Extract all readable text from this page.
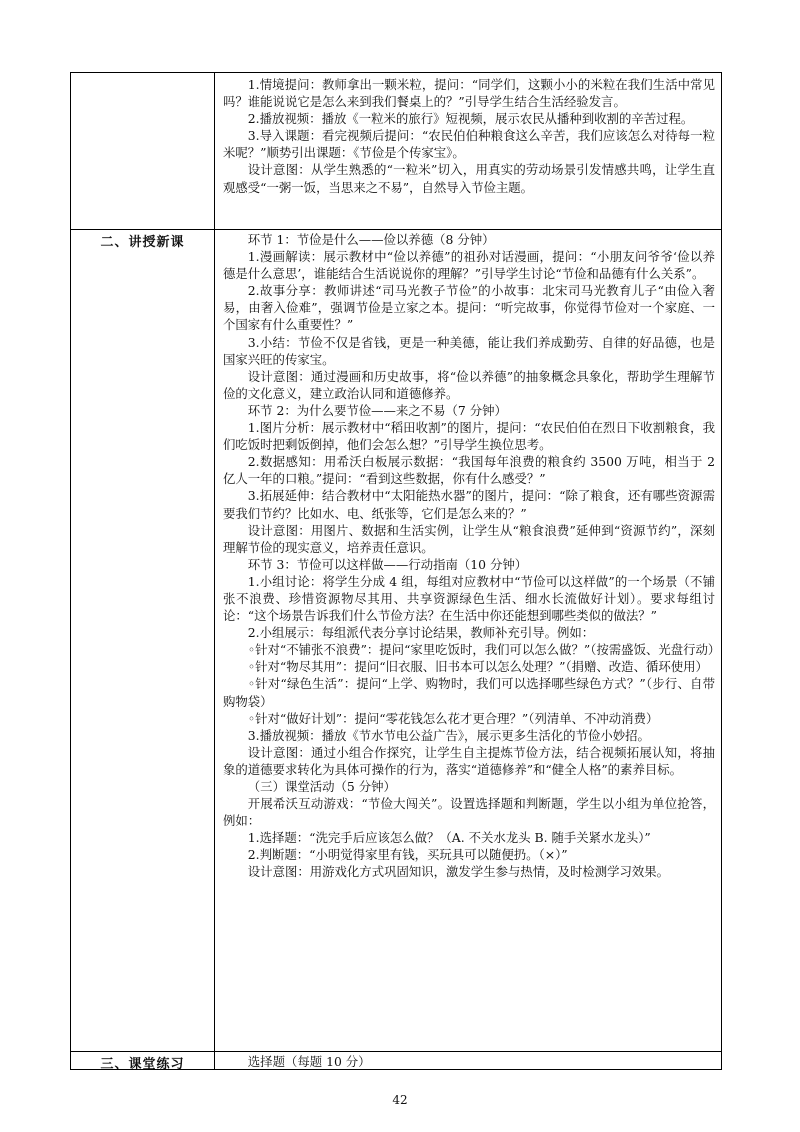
二、讲授新课
三、课堂练习

1.情境提问：教师拿出一颗米粒，提问：“同学们，这颗小小的米粒在我们生活中常见吗？谁能说说它是怎么来到我们餐桌上的？”引导学生结合生活经验发言。

2.播放视频：播放《一粒米的旅行》短视频，展示农民从播种到收割的辛苦过程。

3.导入课题：看完视频后提问：“农民伯伯种粮食这么辛苦，我们应该怎么对待每一粒米呢？”顺势引出课题：《节俭是个传家宝》。

设计意图：从学生熟悉的“一粒米”切入，用真实的劳动场景引发情感共鸣，让学生直观感受“一粥一饭，当思来之不易”，自然导入节俭主题。

环节 1：节俭是什么——俭以养德（8 分钟）

1.漫画解读：展示教材中“俭以养德”的祖孙对话漫画，提问：“小朋友问爷爷‘俭以养德是什么意思’，谁能结合生活说说你的理解？”引导学生讨论“节俭和品德有什么关系”。

2.故事分享：教师讲述“司马光教子节俭”的小故事：北宋司马光教育儿子“由俭入奢易，由奢入俭难”，强调节俭是立家之本。提问：“听完故事，你觉得节俭对一个家庭、一个国家有什么重要性？”

3.小结：节俭不仅是省钱，更是一种美德，能让我们养成勤劳、自律的好品德，也是国家兴旺的传家宝。

设计意图：通过漫画和历史故事，将“俭以养德”的抽象概念具象化，帮助学生理解节俭的文化意义，建立政治认同和道德修养。

环节 2：为什么要节俭——来之不易（7 分钟）

1.图片分析：展示教材中“稻田收割”的图片，提问：“农民伯伯在烈日下收割粮食，我们吃饭时把剩饭倒掉，他们会怎么想？”引导学生换位思考。

2.数据感知：用希沃白板展示数据：“我国每年浪费的粮食约 3500 万吨，相当于 2 亿人一年的口粮。”提问：“看到这些数据，你有什么感受？”

3.拓展延伸：结合教材中“太阳能热水器”的图片，提问：“除了粮食，还有哪些资源需要我们节约？比如水、电、纸张等，它们是怎么来的？”

设计意图：用图片、数据和生活实例，让学生从“粮食浪费”延伸到“资源节约”，深刻理解节俭的现实意义，培养责任意识。

环节 3：节俭可以这样做——行动指南（10 分钟）

1.小组讨论：将学生分成 4 组，每组对应教材中“节俭可以这样做”的一个场景（不铺张不浪费、珍惜资源物尽其用、共享资源绿色生活、细水长流做好计划）。要求每组讨论：“这个场景告诉我们什么节俭方法？在生活中你还能想到哪些类似的做法？”

2.小组展示：每组派代表分享讨论结果，教师补充引导。例如：

◦针对“不铺张不浪费”：提问“家里吃饭时，我们可以怎么做？”（按需盛饭、光盘行动）

◦针对“物尽其用”：提问“旧衣服、旧书本可以怎么处理？”（捐赠、改造、循环使用）

◦针对“绿色生活”：提问“上学、购物时，我们可以选择哪些绿色方式？”（步行、自带购物袋）

◦针对“做好计划”：提问“零花钱怎么花才更合理？”（列清单、不冲动消费）

3.播放视频：播放《节水节电公益广告》，展示更多生活化的节俭小妙招。

设计意图：通过小组合作探究，让学生自主提炼节俭方法，结合视频拓展认知，将抽象的道德要求转化为具体可操作的行为，落实“道德修养”和“健全人格”的素养目标。

（三）课堂活动（5 分钟）

开展希沃互动游戏：“节俭大闯关”。设置选择题和判断题，学生以小组为单位抢答，例如：

1.选择题：“洗完手后应该怎么做？（A. 不关水龙头 B. 随手关紧水龙头）”

2.判断题：“小明觉得家里有钱，买玩具可以随便扔。（×）”

设计意图：用游戏化方式巩固知识，激发学生参与热情，及时检测学习效果。

选择题（每题 10 分）

42
